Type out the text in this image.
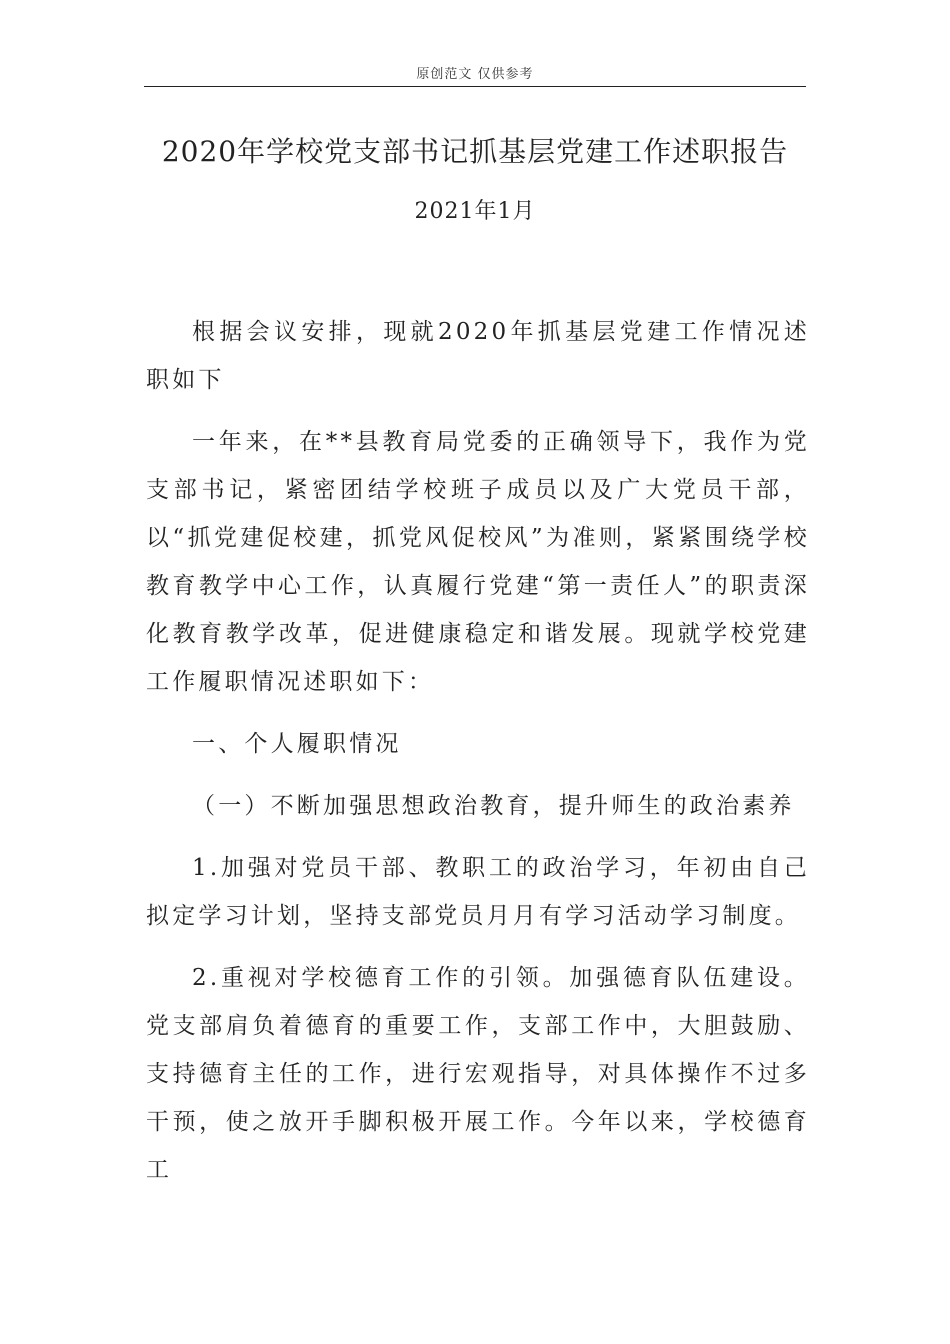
原创范文 仅供参考
2020年学校党支部书记抓基层党建工作述职报告
2021年1月

根据会议安排，现就2020年抓基层党建工作情况述职如下

一年来，在**县教育局党委的正确领导下，我作为党支部书记，紧密团结学校班子成员以及广大党员干部，以“抓党建促校建，抓党风促校风”为准则，紧紧围绕学校教育教学中心工作，认真履行党建“第一责任人”的职责深化教育教学改革，促进健康稳定和谐发展。现就学校党建工作履职情况述职如下：

一、个人履职情况

（一）不断加强思想政治教育，提升师生的政治素养

1.加强对党员干部、教职工的政治学习，年初由自己拟定学习计划，坚持支部党员月月有学习活动学习制度。

2.重视对学校德育工作的引领。加强德育队伍建设。党支部肩负着德育的重要工作，支部工作中，大胆鼓励、支持德育主任的工作，进行宏观指导，对具体操作不过多干预，使之放开手脚积极开展工作。今年以来，学校德育工
